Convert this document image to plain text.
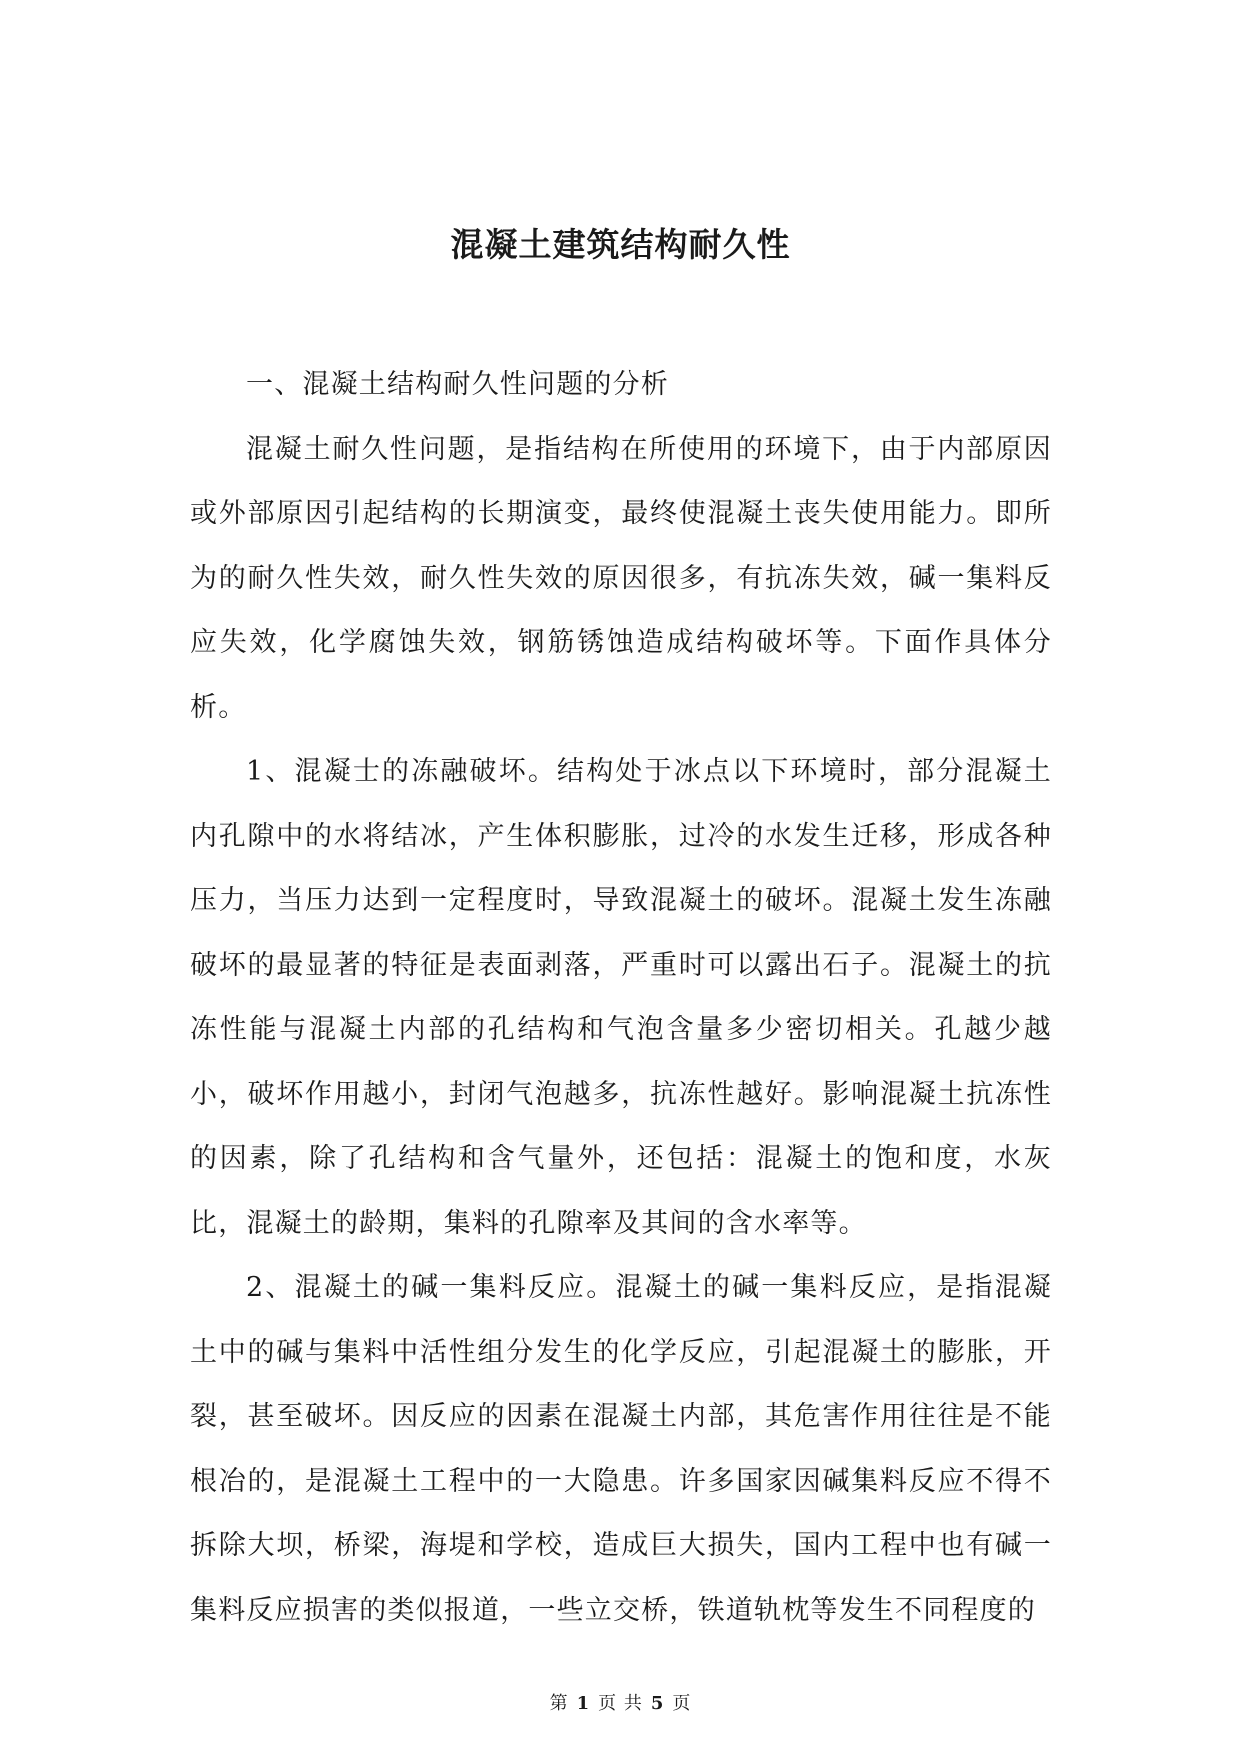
混凝土建筑结构耐久性

一、混凝土结构耐久性问题的分析

混凝土耐久性问题，是指结构在所使用的环境下，由于内部原因或外部原因引起结构的长期演变，最终使混凝土丧失使用能力。即所为的耐久性失效，耐久性失效的原因很多，有抗冻失效，碱一集料反应失效，化学腐蚀失效，钢筋锈蚀造成结构破坏等。下面作具体分析。

1、混凝士的冻融破坏。结构处于冰点以下环境时，部分混凝土内孔隙中的水将结冰，产生体积膨胀，过冷的水发生迁移，形成各种压力，当压力达到一定程度时，导致混凝土的破坏。混凝土发生冻融破坏的最显著的特征是表面剥落，严重时可以露出石子。混凝土的抗冻性能与混凝土内部的孔结构和气泡含量多少密切相关。孔越少越小，破坏作用越小，封闭气泡越多，抗冻性越好。影响混凝土抗冻性的因素，除了孔结构和含气量外，还包括：混凝土的饱和度，水灰比，混凝土的龄期，集料的孔隙率及其间的含水率等。

2、混凝土的碱一集料反应。混凝土的碱一集料反应，是指混凝土中的碱与集料中活性组分发生的化学反应，引起混凝土的膨胀，开裂，甚至破坏。因反应的因素在混凝土内部，其危害作用往往是不能根冶的，是混凝土工程中的一大隐患。许多国家因碱集料反应不得不拆除大坝，桥梁，海堤和学校，造成巨大损失，国内工程中也有碱一集料反应损害的类似报道，一些立交桥，铁道轨枕等发生不同程度的

第 1 页 共 5 页
